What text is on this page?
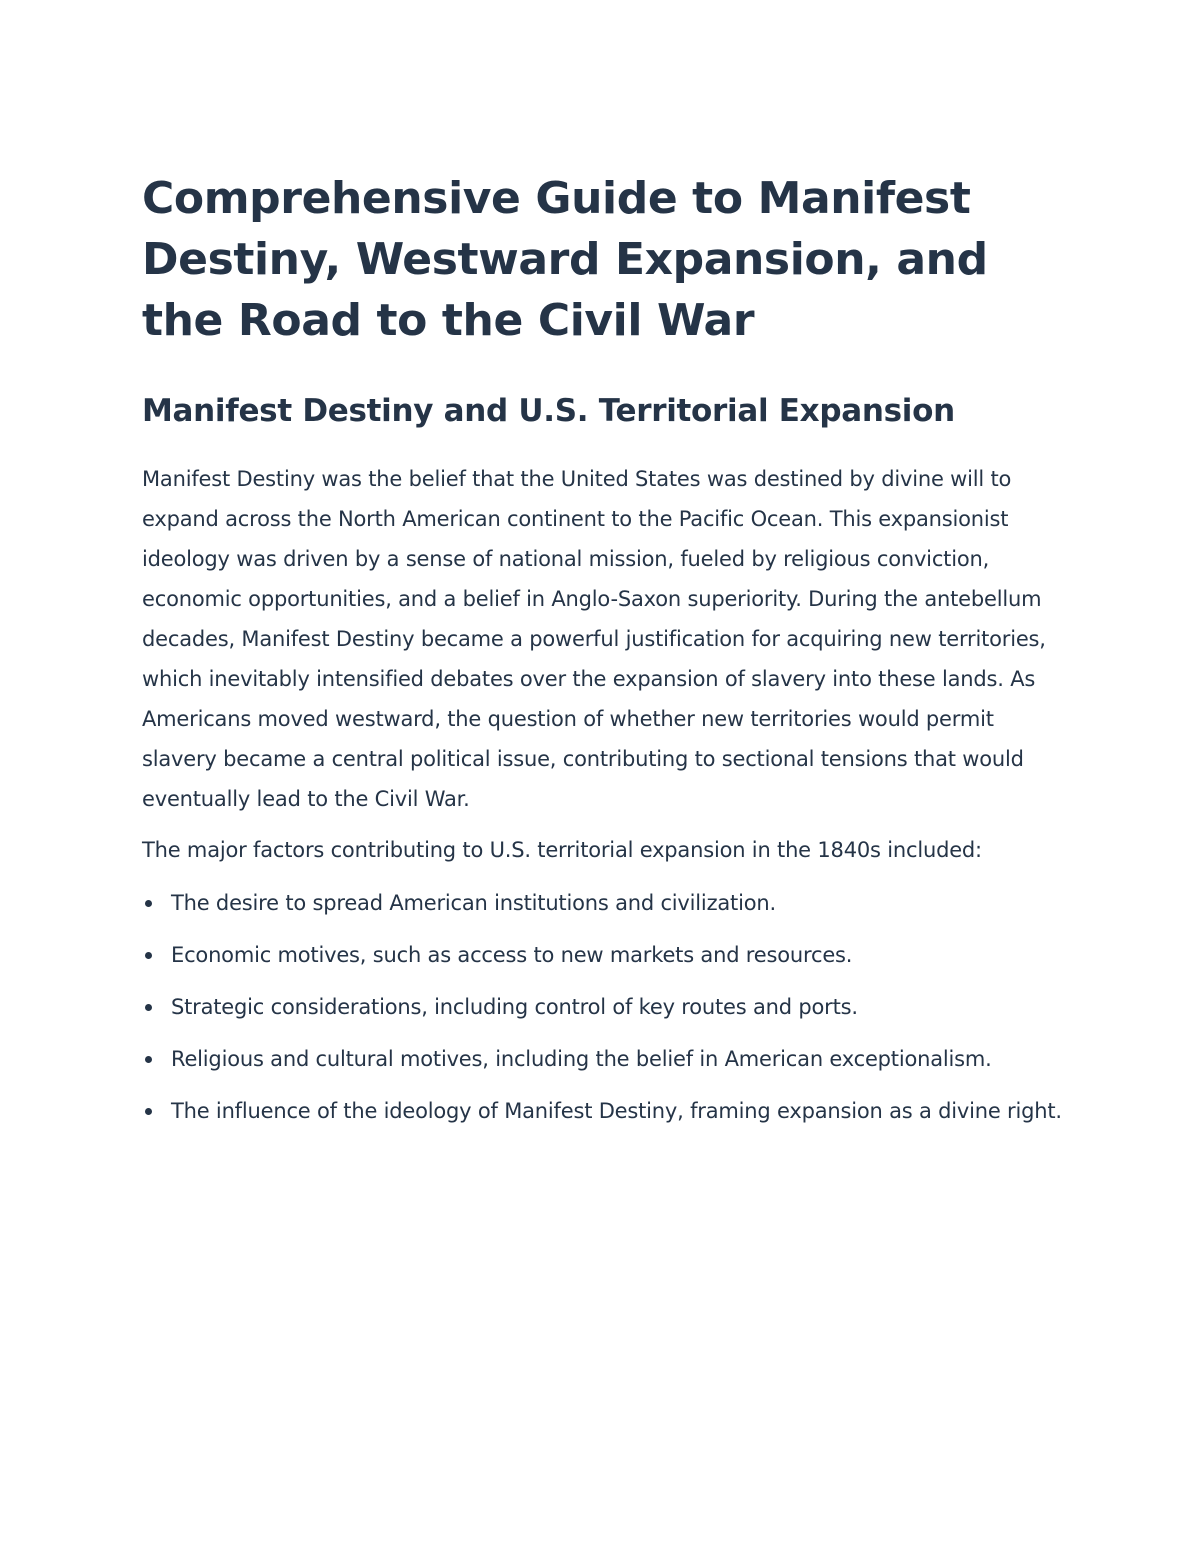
Comprehensive Guide to Manifest Destiny, Westward Expansion, and the Road to the Civil War
Manifest Destiny and U.S. Territorial Expansion

Manifest Destiny was the belief that the United States was destined by divine will to expand across the North American continent to the Pacific Ocean. This expansionist ideology was driven by a sense of national mission, fueled by religious conviction, economic opportunities, and a belief in Anglo-Saxon superiority. During the antebellum decades, Manifest Destiny became a powerful justification for acquiring new territories, which inevitably intensified debates over the expansion of slavery into these lands. As Americans moved westward, the question of whether new territories would permit slavery became a central political issue, contributing to sectional tensions that would eventually lead to the Civil War.

The major factors contributing to U.S. territorial expansion in the 1840s included:

The desire to spread American institutions and civilization.
Economic motives, such as access to new markets and resources.
Strategic considerations, including control of key routes and ports.
Religious and cultural motives, including the belief in American exceptionalism.
The influence of the ideology of Manifest Destiny, framing expansion as a divine right.
